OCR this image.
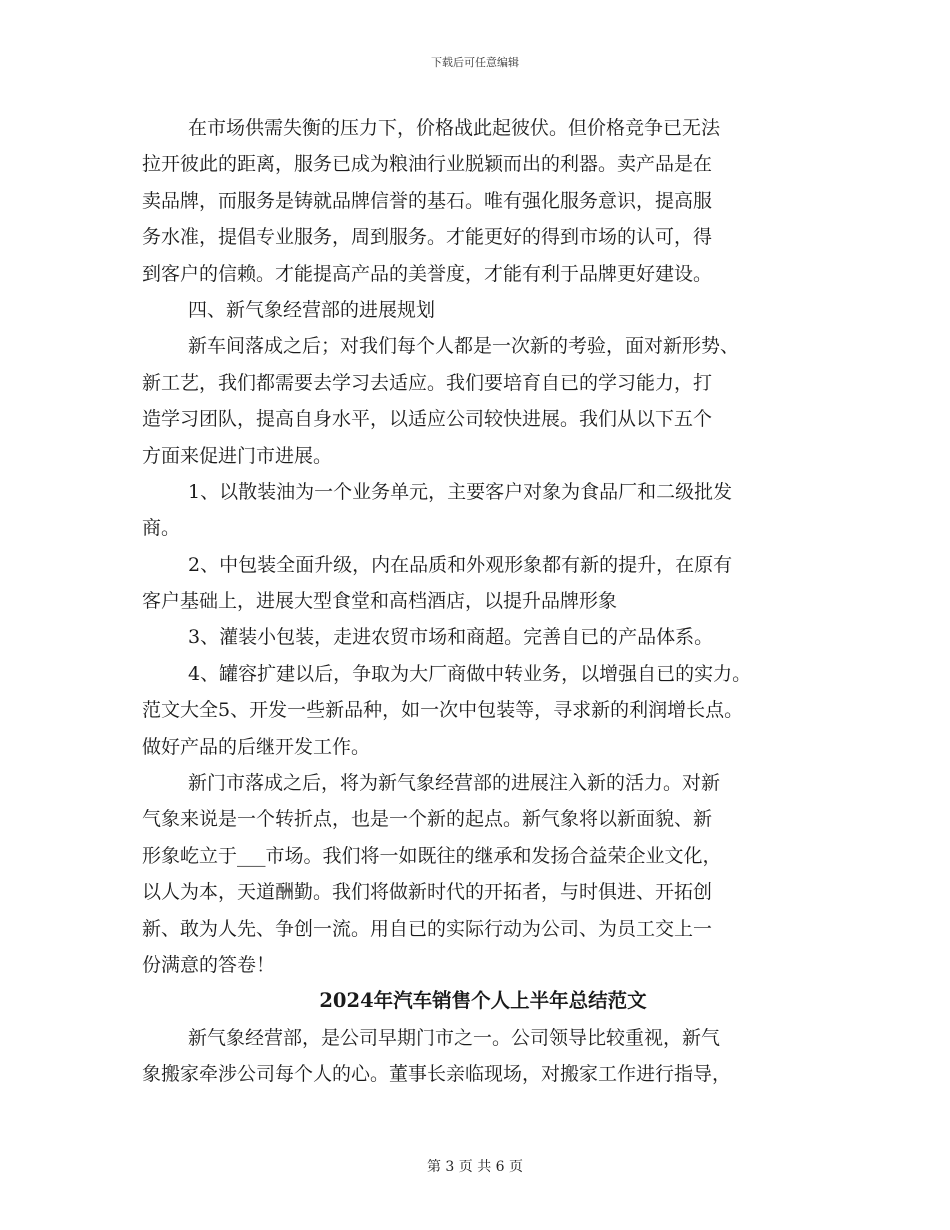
下载后可任意编辑
在市场供需失衡的压力下，价格战此起彼伏。但价格竞争已无法
拉开彼此的距离，服务已成为粮油行业脱颖而出的利器。卖产品是在
卖品牌，而服务是铸就品牌信誉的基石。唯有强化服务意识，提高服
务水准，提倡专业服务，周到服务。才能更好的得到市场的认可，得
到客户的信赖。才能提高产品的美誉度，才能有利于品牌更好建设。
四、新气象经营部的进展规划
新车间落成之后；对我们每个人都是一次新的考验，面对新形势、
新工艺，我们都需要去学习去适应。我们要培育自已的学习能力，打
造学习团队，提高自身水平，以适应公司较快进展。我们从以下五个
方面来促进门市进展。
1、以散装油为一个业务单元，主要客户对象为食品厂和二级批发
商。
2、中包装全面升级，内在品质和外观形象都有新的提升，在原有
客户基础上，进展大型食堂和高档酒店，以提升品牌形象
3、灌装小包装，走进农贸市场和商超。完善自已的产品体系。
4、罐容扩建以后，争取为大厂商做中转业务，以增强自已的实力。
范文大全5、开发一些新品种，如一次中包装等，寻求新的利润增长点。
做好产品的后继开发工作。
新门市落成之后，将为新气象经营部的进展注入新的活力。对新
气象来说是一个转折点，也是一个新的起点。新气象将以新面貌、新
形象屹立于___市场。我们将一如既往的继承和发扬合益荣企业文化，
以人为本，天道酬勤。我们将做新时代的开拓者，与时俱进、开拓创
新、敢为人先、争创一流。用自已的实际行动为公司、为员工交上一
份满意的答卷！
2024年汽车销售个人上半年总结范文
新气象经营部，是公司早期门市之一。公司领导比较重视，新气
象搬家牵涉公司每个人的心。董事长亲临现场，对搬家工作进行指导，
第 3 页 共 6 页
